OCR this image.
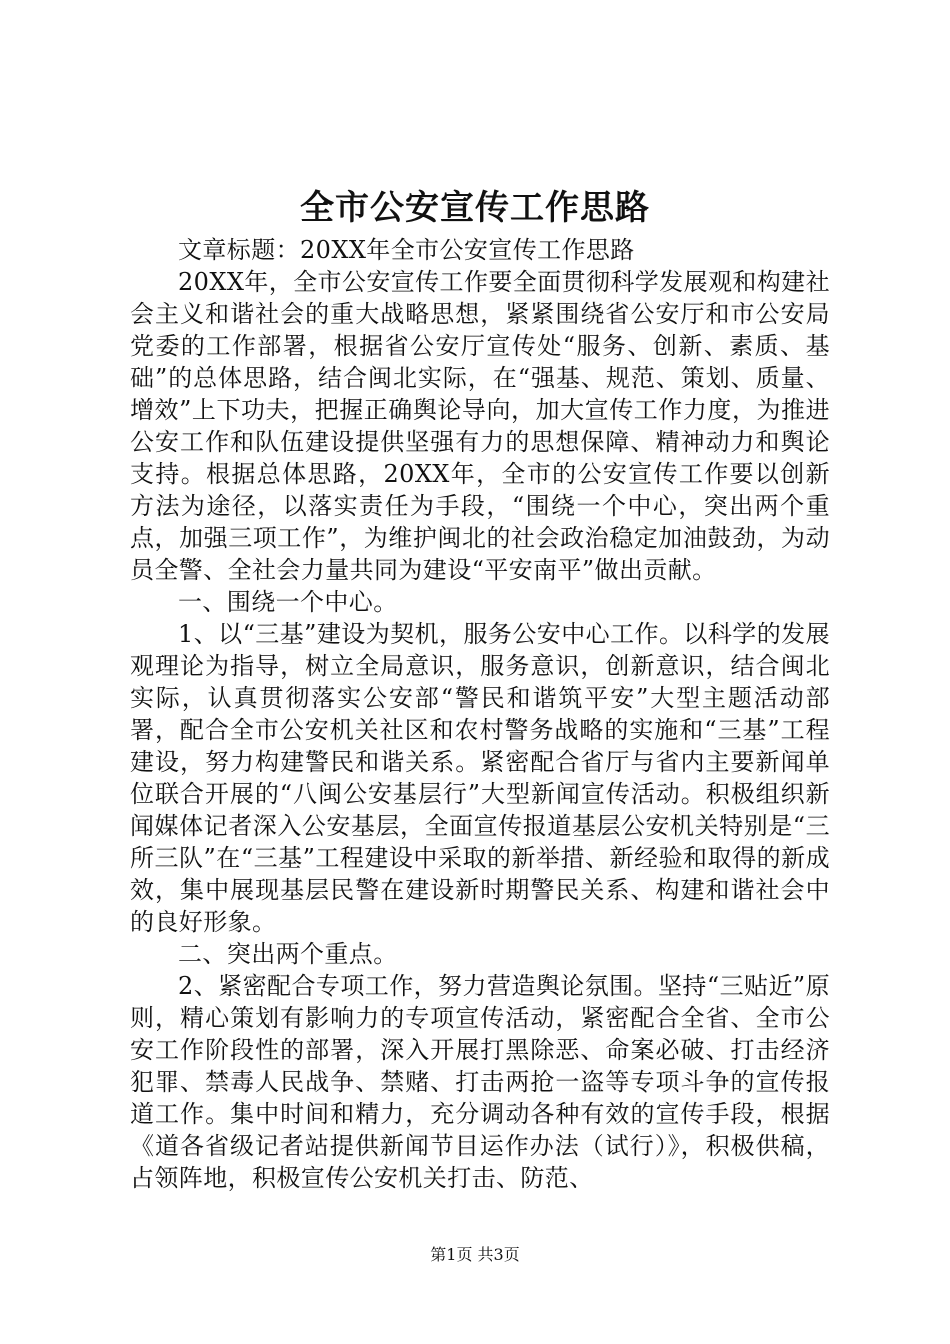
全市公安宣传工作思路

文章标题：20XX年全市公安宣传工作思路

20XX年，全市公安宣传工作要全面贯彻科学发展观和构建社会主义和谐社会的重大战略思想，紧紧围绕省公安厅和市公安局党委的工作部署，根据省公安厅宣传处“服务、创新、素质、基础”的总体思路，结合闽北实际，在“强基、规范、策划、质量、增效”上下功夫，把握正确舆论导向，加大宣传工作力度，为推进公安工作和队伍建设提供坚强有力的思想保障、精神动力和舆论支持。根据总体思路，20XX年，全市的公安宣传工作要以创新方法为途径，以落实责任为手段，“围绕一个中心，突出两个重点，加强三项工作”，为维护闽北的社会政治稳定加油鼓劲，为动员全警、全社会力量共同为建设“平安南平”做出贡献。

一、围绕一个中心。

1、以“三基”建设为契机，服务公安中心工作。以科学的发展观理论为指导，树立全局意识，服务意识，创新意识，结合闽北实际，认真贯彻落实公安部“警民和谐筑平安”大型主题活动部署，配合全市公安机关社区和农村警务战略的实施和“三基”工程建设，努力构建警民和谐关系。紧密配合省厅与省内主要新闻单位联合开展的“八闽公安基层行”大型新闻宣传活动。积极组织新闻媒体记者深入公安基层，全面宣传报道基层公安机关特别是“三所三队”在“三基”工程建设中采取的新举措、新经验和取得的新成效，集中展现基层民警在建设新时期警民关系、构建和谐社会中的良好形象。

二、突出两个重点。

2、紧密配合专项工作，努力营造舆论氛围。坚持“三贴近”原则，精心策划有影响力的专项宣传活动，紧密配合全省、全市公安工作阶段性的部署，深入开展打黑除恶、命案必破、打击经济犯罪、禁毒人民战争、禁赌、打击两抢一盗等专项斗争的宣传报道工作。集中时间和精力，充分调动各种有效的宣传手段，根据《道各省级记者站提供新闻节目运作办法（试行）》，积极供稿，占领阵地，积极宣传公安机关打击、防范、

第1页 共3页
